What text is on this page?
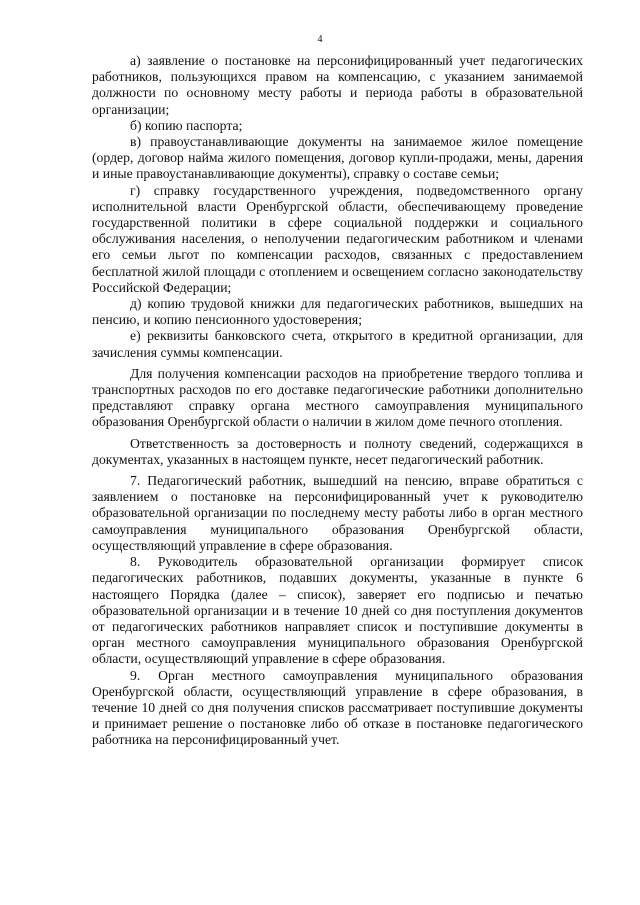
4

а) заявление о постановке на персонифицированный учет педагогических работников, пользующихся правом на компенсацию, с указанием занимаемой должности по основному месту работы и периода работы в образовательной организации;

б) копию паспорта;

в) правоустанавливающие документы на занимаемое жилое помещение (ордер, договор найма жилого помещения, договор купли-продажи, мены, дарения и иные правоустанавливающие документы), справку о составе семьи;

г) справку государственного учреждения, подведомственного органу исполнительной власти Оренбургской области, обеспечивающему проведение государственной политики в сфере социальной поддержки и социального обслуживания населения, о неполучении педагогическим работником и членами его семьи льгот по компенсации расходов, связанных с предоставлением бесплатной жилой площади с отоплением и освещением согласно законодательству Российской Федерации;

д) копию трудовой книжки для педагогических работников, вышедших на пенсию, и копию пенсионного удостоверения;

е) реквизиты банковского счета, открытого в кредитной организации, для зачисления суммы компенсации.

Для получения компенсации расходов на приобретение твердого топлива и транспортных расходов по его доставке педагогические работники дополнительно представляют справку органа местного самоуправления муниципального образования Оренбургской области о наличии в жилом доме печного отопления.

Ответственность за достоверность и полноту сведений, содержащихся в документах, указанных в настоящем пункте, несет педагогический работник.

7. Педагогический работник, вышедший на пенсию, вправе обратиться с заявлением о постановке на персонифицированный учет к руководителю образовательной организации по последнему месту работы либо в орган местного самоуправления муниципального образования Оренбургской области, осуществляющий управление в сфере образования.

8. Руководитель образовательной организации формирует список педагогических работников, подавших документы, указанные в пункте 6 настоящего Порядка (далее – список), заверяет его подписью и печатью образовательной организации и в течение 10 дней со дня поступления документов от педагогических работников направляет список и поступившие документы в орган местного самоуправления муниципального образования Оренбургской области, осуществляющий управление в сфере образования.

9. Орган местного самоуправления муниципального образования Оренбургской области, осуществляющий управление в сфере образования, в течение 10 дней со дня получения списков рассматривает поступившие документы и принимает решение о постановке либо об отказе в постановке педагогического работника на персонифицированный учет.
